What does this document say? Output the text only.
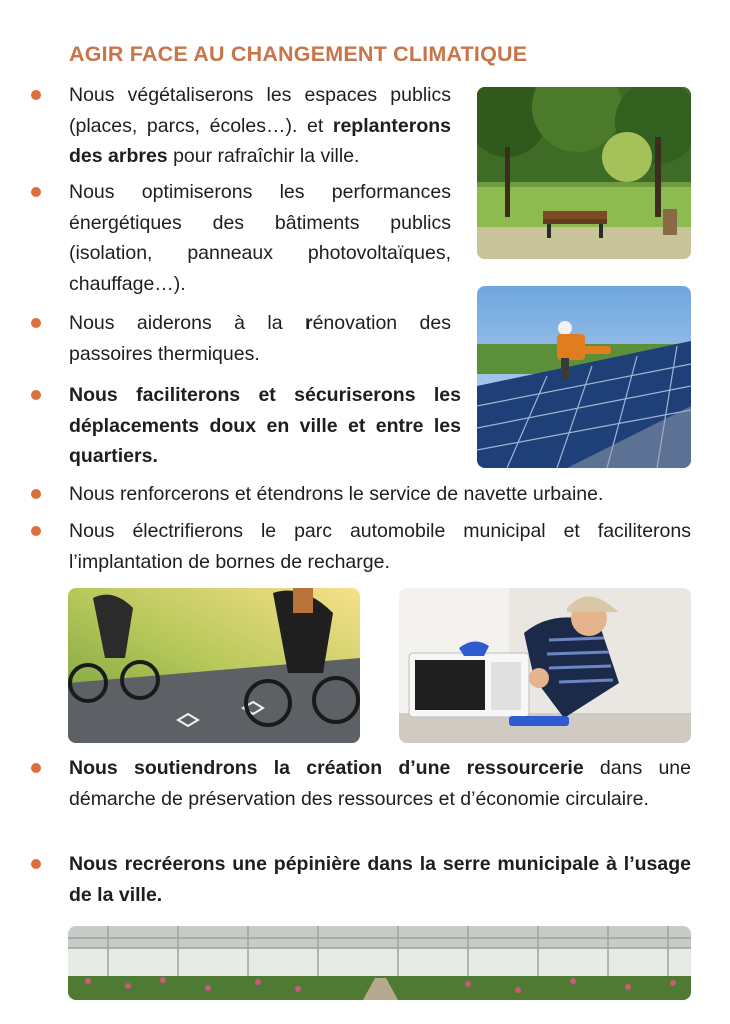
AGIR FACE AU CHANGEMENT CLIMATIQUE
Nous végétaliserons les espaces publics (places, parcs, écoles…). et replanterons des arbres pour rafraîchir la ville.
Nous optimiserons les performances énergétiques des bâtiments publics (isolation, panneaux photovoltaïques, chauffage…).
Nous aiderons à la rénovation des passoires thermiques.
Nous faciliterons et sécuriserons les déplacements doux en ville et entre les quartiers.
Nous renforcerons et étendrons le service de navette urbaine.
Nous électrifierons le parc automobile municipal et faciliterons l’implantation de bornes de recharge.
Nous soutiendrons la création d’une ressourcerie dans une démarche de préservation des ressources et d’économie circulaire.
Nous recréerons une pépinière dans la serre municipale à l’usage de la ville.
